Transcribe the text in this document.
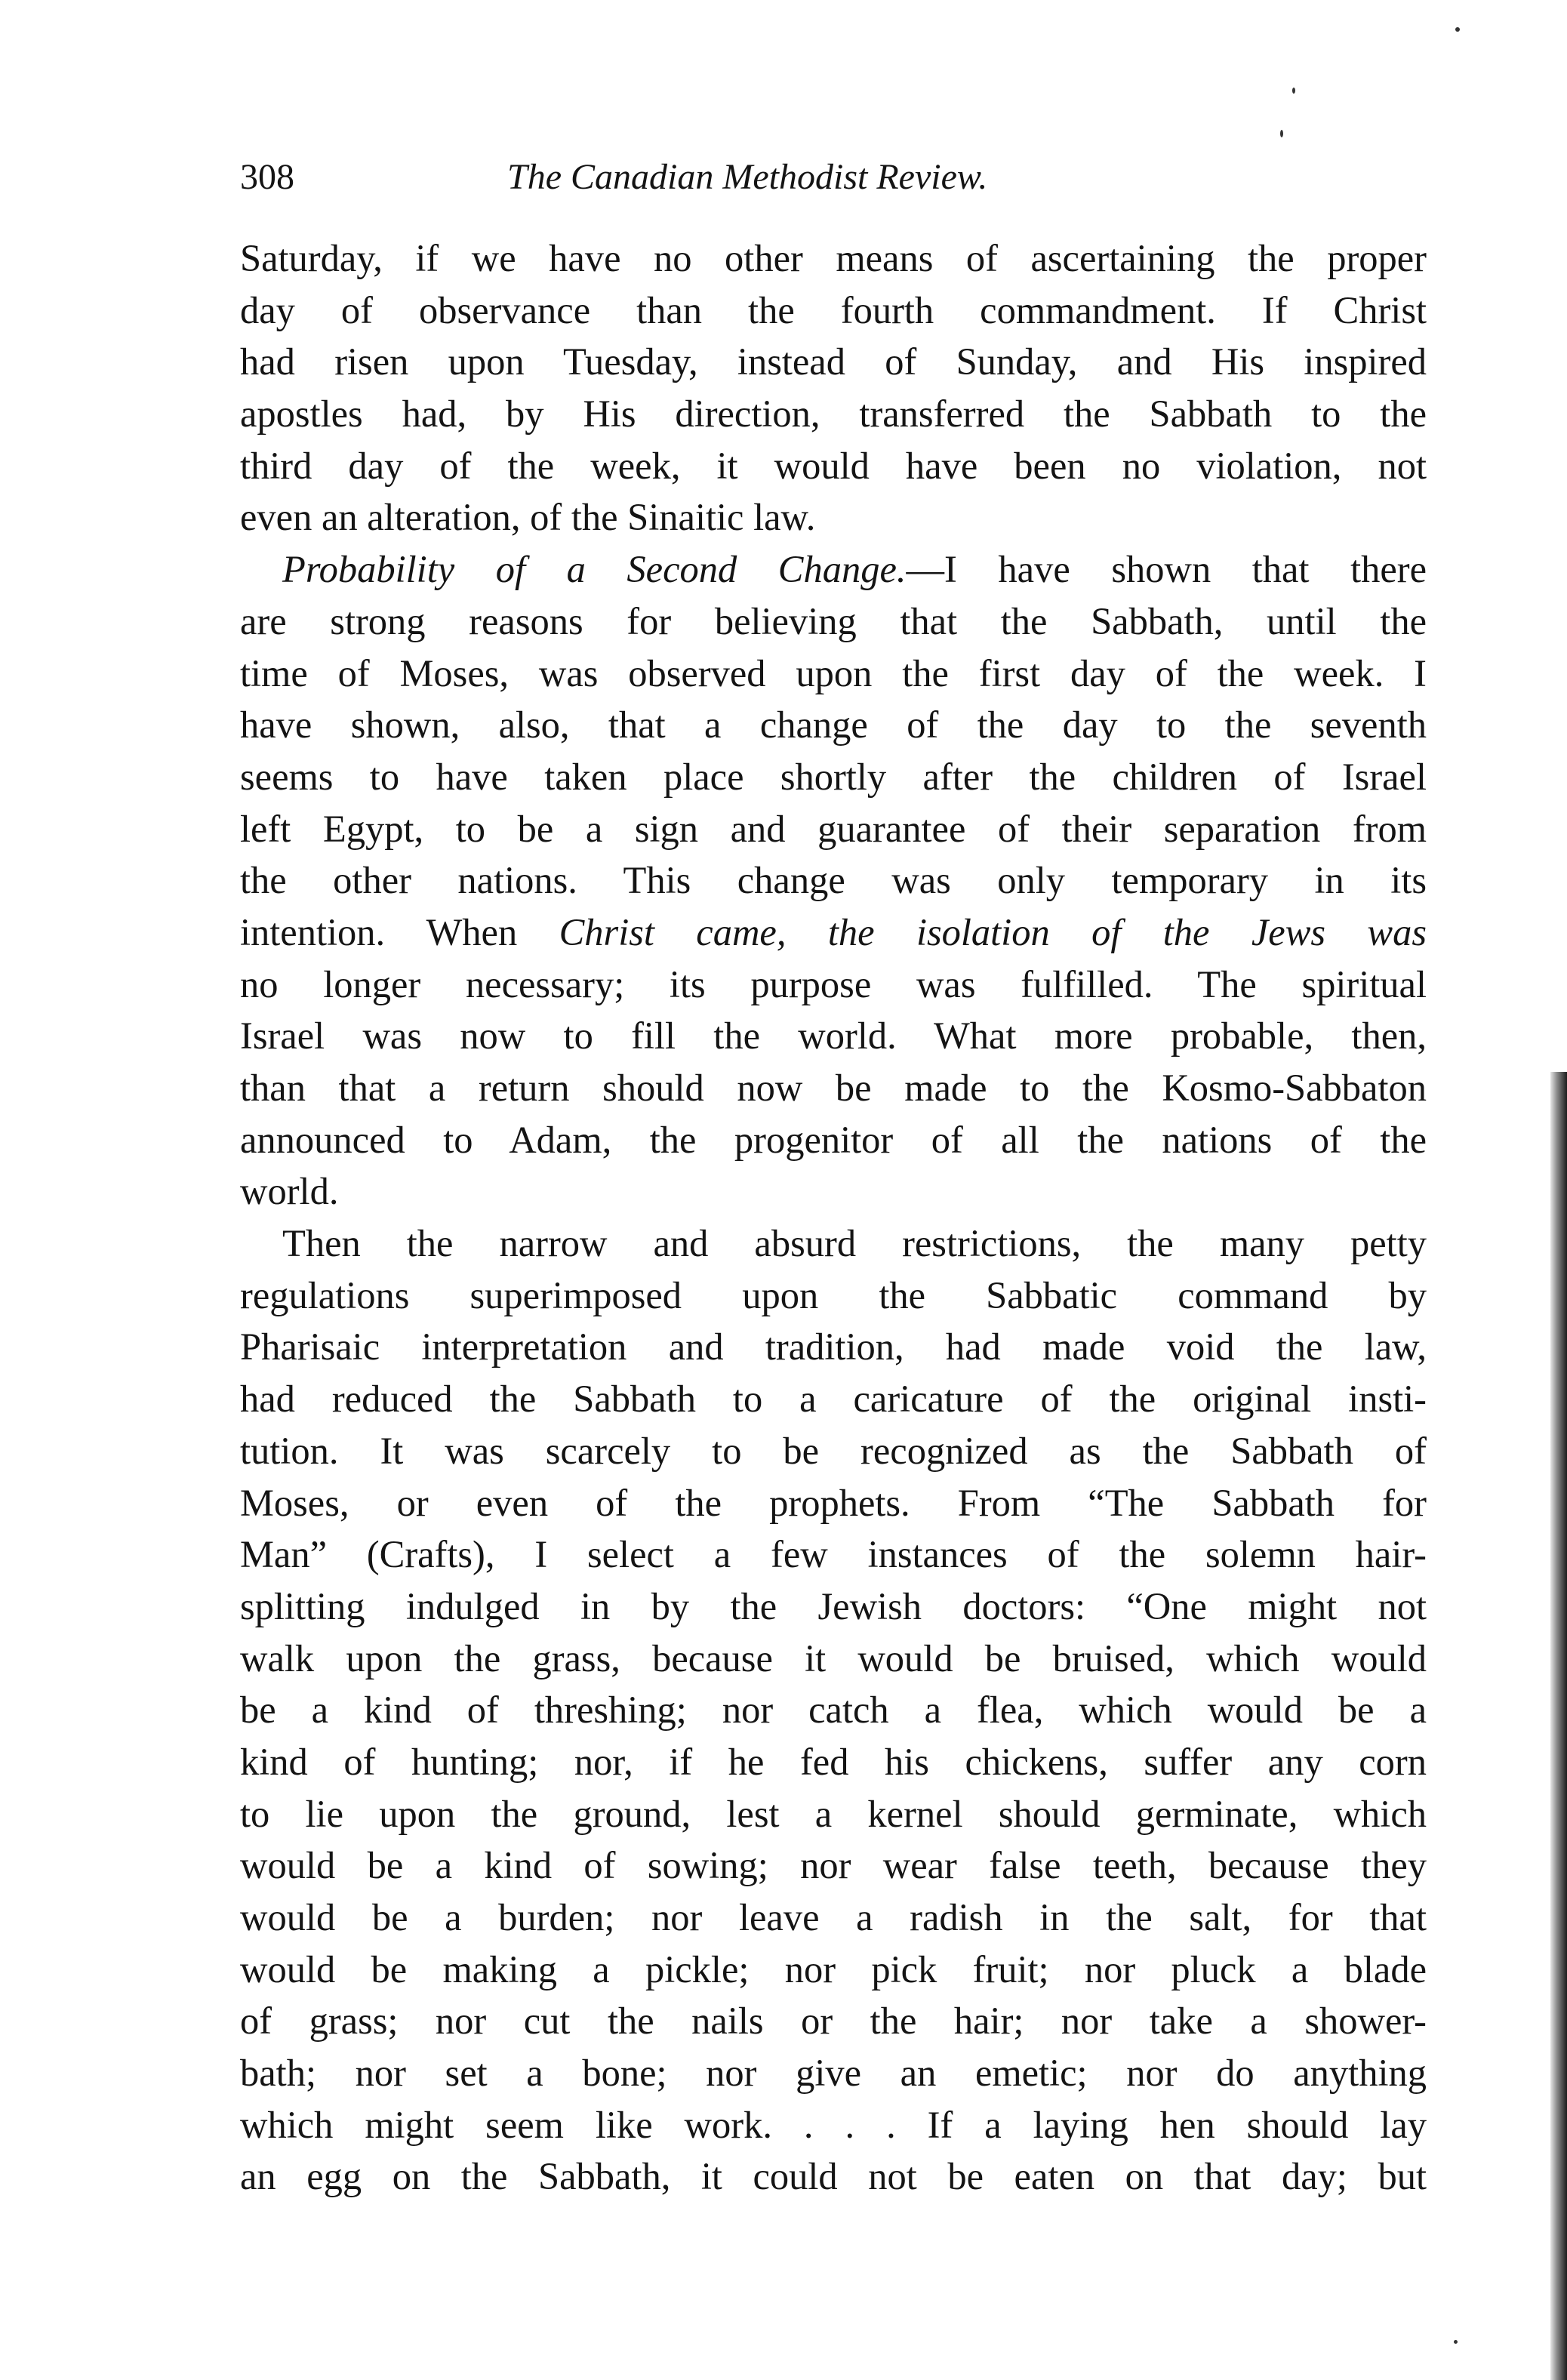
308	The Canadian Methodist Review.
Saturday, if we have no other means of ascertaining the proper
day of observance than the fourth commandment. If Christ
had risen upon Tuesday, instead of Sunday, and His inspired
apostles had, by His direction, transferred the Sabbath to the
third day of the week, it would have been no violation, not
even an alteration, of the Sinaitic law.
Probability of a Second Change.—I have shown that there
are strong reasons for believing that the Sabbath, until the
time of Moses, was observed upon the first day of the week. I
have shown, also, that a change of the day to the seventh
seems to have taken place shortly after the children of Israel
left Egypt, to be a sign and guarantee of their separation from
the other nations. This change was only temporary in its
intention. When Christ came, the isolation of the Jews was
no longer necessary; its purpose was fulfilled. The spiritual
Israel was now to fill the world. What more probable, then,
than that a return should now be made to the Kosmo-Sabbaton
announced to Adam, the progenitor of all the nations of the
world.
Then the narrow and absurd restrictions, the many petty
regulations superimposed upon the Sabbatic command by
Pharisaic interpretation and tradition, had made void the law,
had reduced the Sabbath to a caricature of the original insti-
tution. It was scarcely to be recognized as the Sabbath of
Moses, or even of the prophets. From “The Sabbath for
Man” (Crafts), I select a few instances of the solemn hair-
splitting indulged in by the Jewish doctors: “One might not
walk upon the grass, because it would be bruised, which would
be a kind of threshing; nor catch a flea, which would be a
kind of hunting; nor, if he fed his chickens, suffer any corn
to lie upon the ground, lest a kernel should germinate, which
would be a kind of sowing; nor wear false teeth, because they
would be a burden; nor leave a radish in the salt, for that
would be making a pickle; nor pick fruit; nor pluck a blade
of grass; nor cut the nails or the hair; nor take a shower-
bath; nor set a bone; nor give an emetic; nor do anything
which might seem like work. . . . If a laying hen should lay
an egg on the Sabbath, it could not be eaten on that day; but
